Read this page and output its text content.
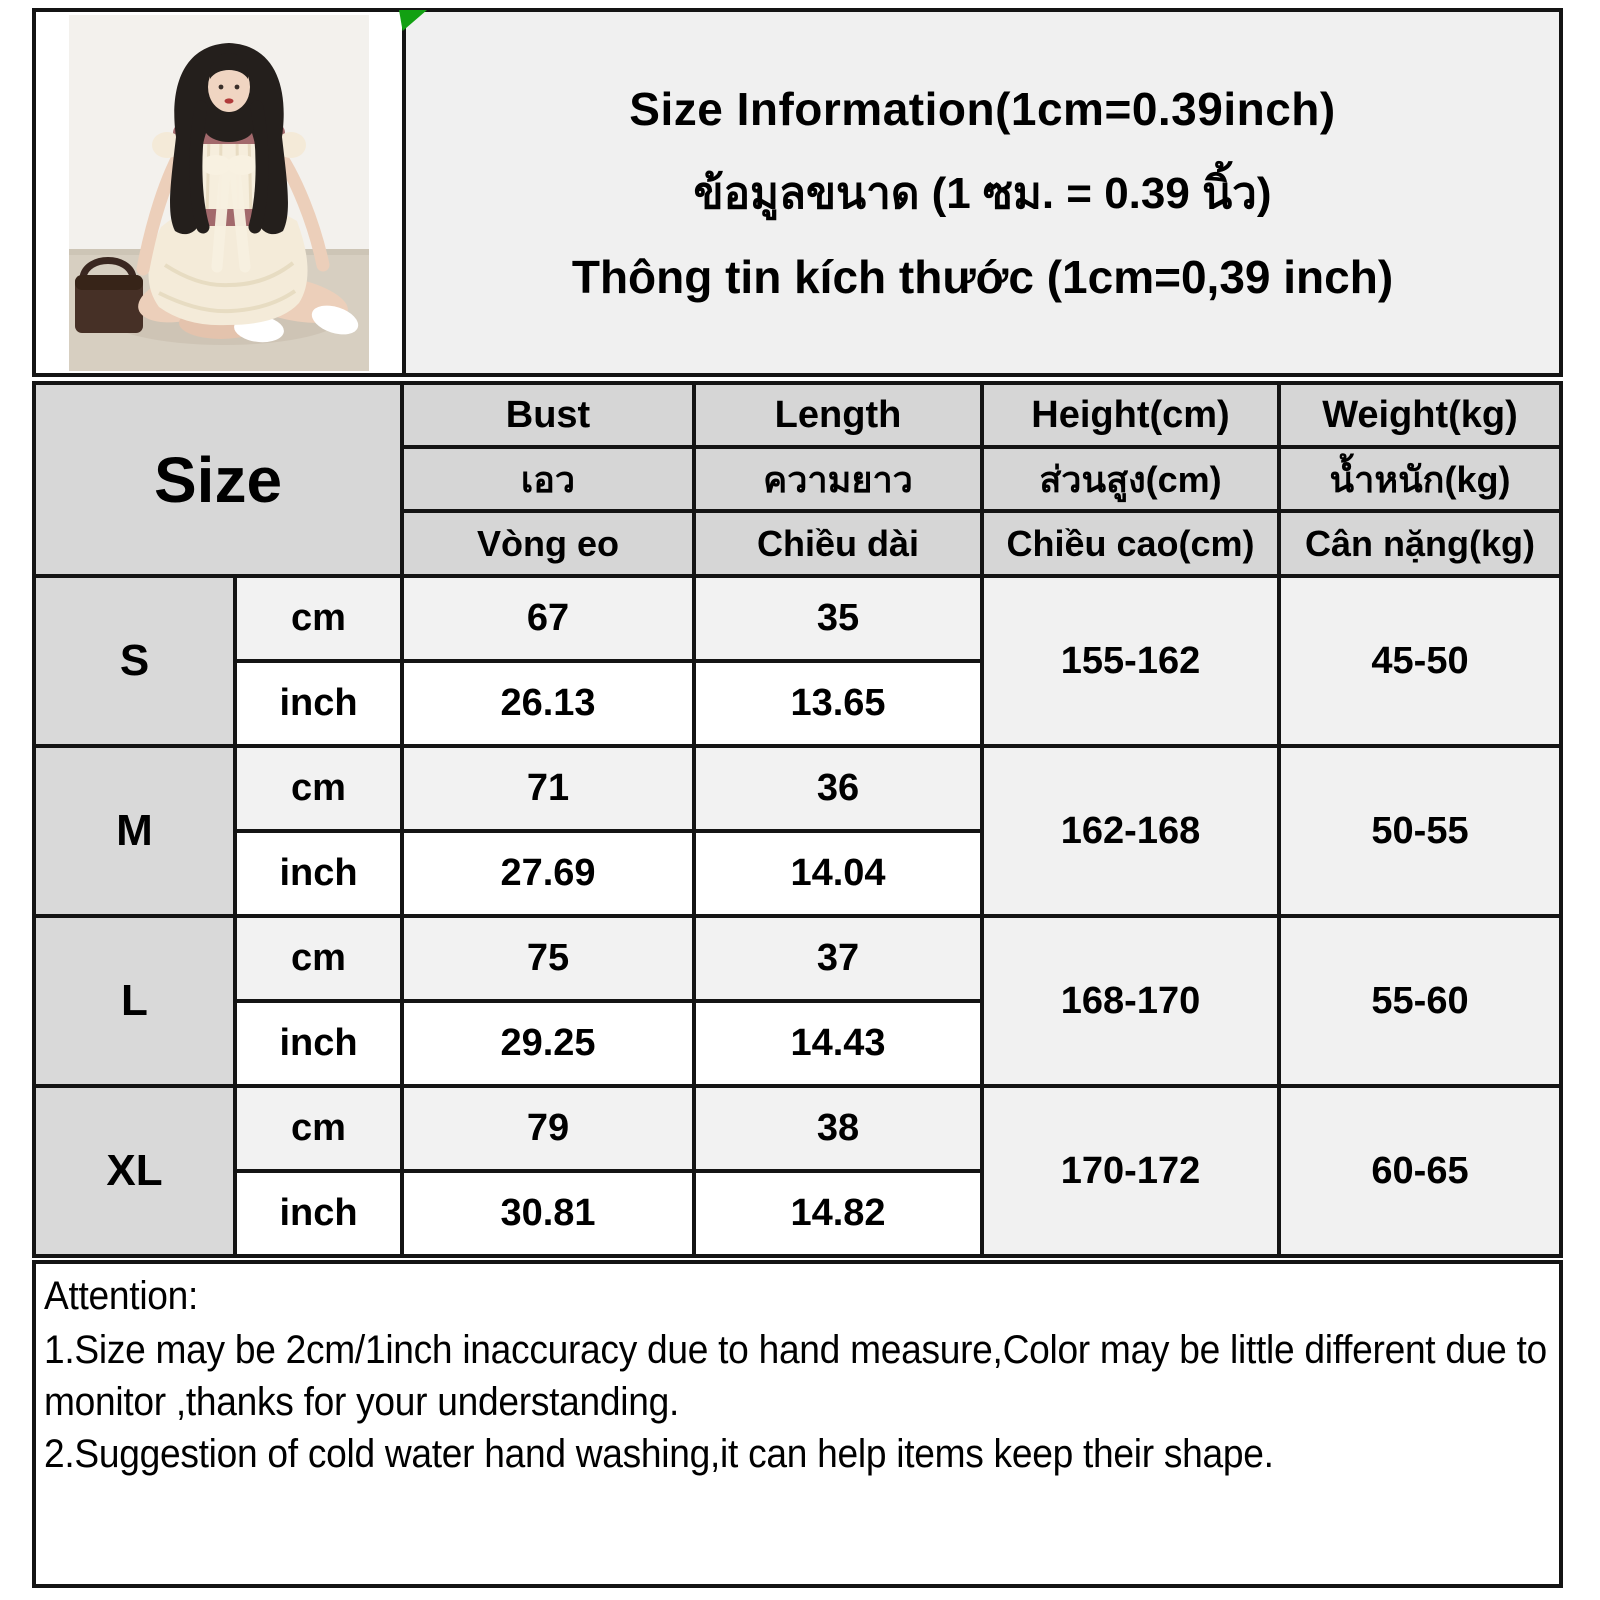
Size Information(1cm=0.39inch)
ข้อมูลขนาด (1 ซม. = 0.39 นิ้ว)
Thông tin kích thước (1cm=0,39 inch)
Size
Bust	Length	Height(cm)	Weight(kg)
เอว	ความยาว	ส่วนสูง(cm)	น้ำหนัก(kg)
Vòng eo	Chiều dài	Chiều cao(cm)	Cân nặng(kg)
S
cm	67	35
inch	26.13	13.65
155-162	45-50
M
cm	71	36
inch	27.69	14.04
162-168	50-55
L
cm	75	37
inch	29.25	14.43
168-170	55-60
XL
cm	79	38
inch	30.81	14.82
170-172	60-65

Attention:

1.Size may be 2cm/1inch inaccuracy due to hand measure,Color may be little different due to monitor ,thanks for your understanding.

2.Suggestion of cold water hand washing,it can help items keep their shape.
